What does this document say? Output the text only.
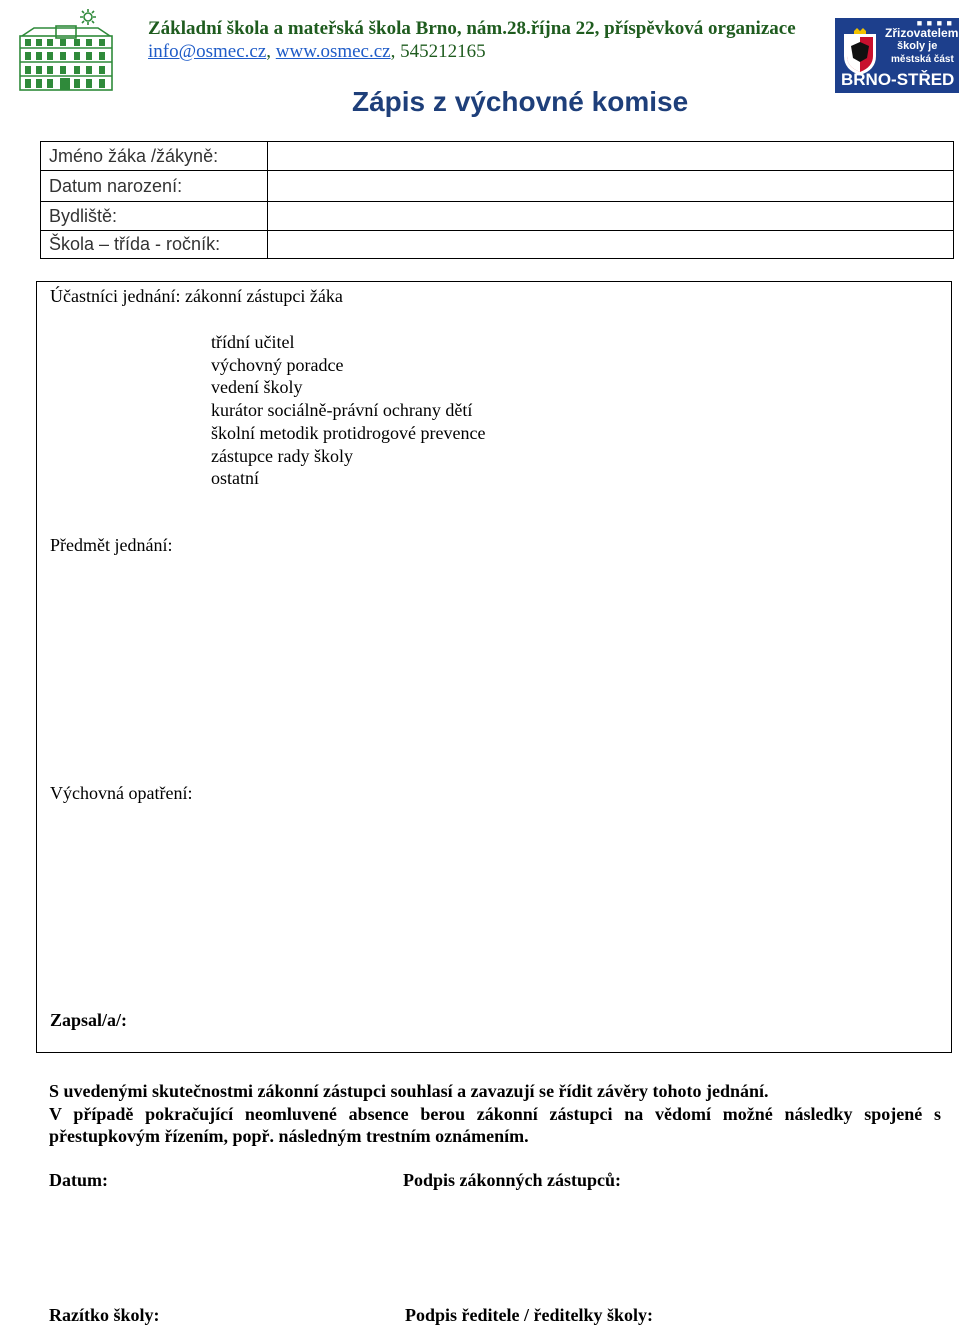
Základní škola a mateřská škola Brno, nám.28.října 22, příspěvková organizace
info@osmec.cz, www.osmec.cz, 545212165
■ ■ ■ ■
Zřizovatelem
školy je
městská část
BRNO-STŘED
Zápis z výchovné komise
Jméno žáka /žákyně:	
Datum narození:	
Bydliště:	
Škola – třída - ročník:	
Účastníci jednání: zákonní zástupci žáka
třídní učitel
výchovný poradce
vedení školy
kurátor sociálně-právní ochrany dětí
školní metodik protidrogové prevence
zástupce rady školy
ostatní
Předmět jednání:
Výchovná opatření:
Zapsal/a/:
S uvedenými skutečnostmi zákonní zástupci souhlasí a zavazují se řídit závěry tohoto jednání.
V případě pokračující neomluvené absence berou zákonní zástupci na vědomí možné následky spojené s přestupkovým řízením, popř. následným trestním oznámením.
Datum:	Podpis zákonných zástupců:
Razítko školy:	Podpis ředitele / ředitelky školy:
